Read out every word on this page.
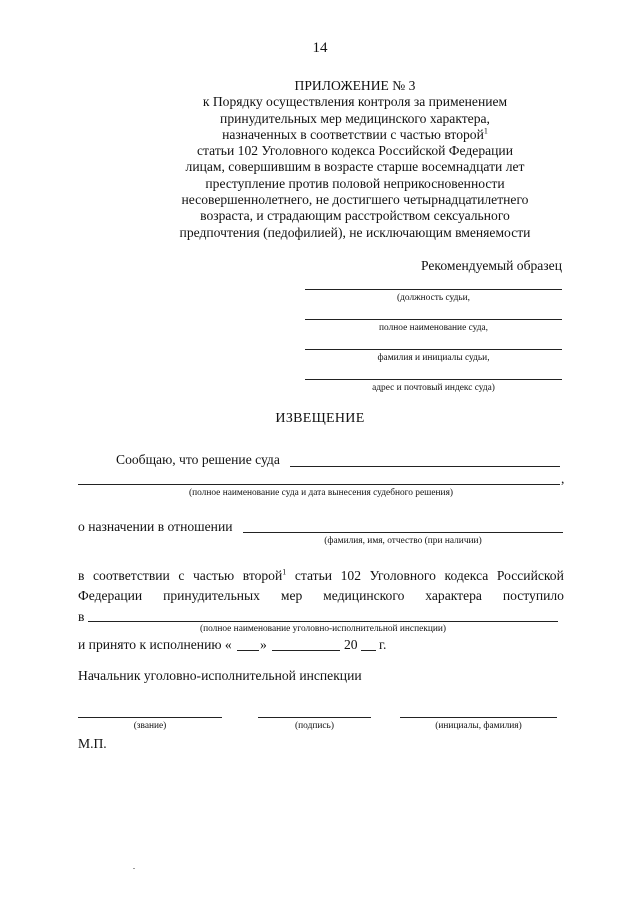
14
ПРИЛОЖЕНИЕ № 3
к Порядку осуществления контроля за применением
принудительных мер медицинского характера,
назначенных в соответствии с частью второй$^1$
статьи 102 Уголовного кодекса Российской Федерации
лицам, совершившим в возрасте старше восемнадцати лет
преступление против половой неприкосновенности
несовершеннолетнего, не достигшего четырнадцатилетнего
возраста, и страдающим расстройством сексуального
предпочтения (педофилией), не исключающим вменяемости
Рекомендуемый образец
(должность судьи,
полное наименование суда,
фамилия и инициалы судьи,
адрес и почтовый индекс суда)
ИЗВЕЩЕНИЕ
Сообщаю, что решение суда
,
(полное наименование суда и дата вынесения судебного решения)
о назначении в отношении
(фамилия, имя, отчество (при наличии)
в соответствии с частью второй$^1$ статьи 102 Уголовного кодекса Российской
Федерации принудительных мер медицинского характера поступило
в
(полное наименование уголовно-исполнительной инспекции)
и принято к исполнению « »	20 г.
Начальник уголовно-исполнительной инспекции
(звание)	(подпись)	(инициалы, фамилия)
М.П.
